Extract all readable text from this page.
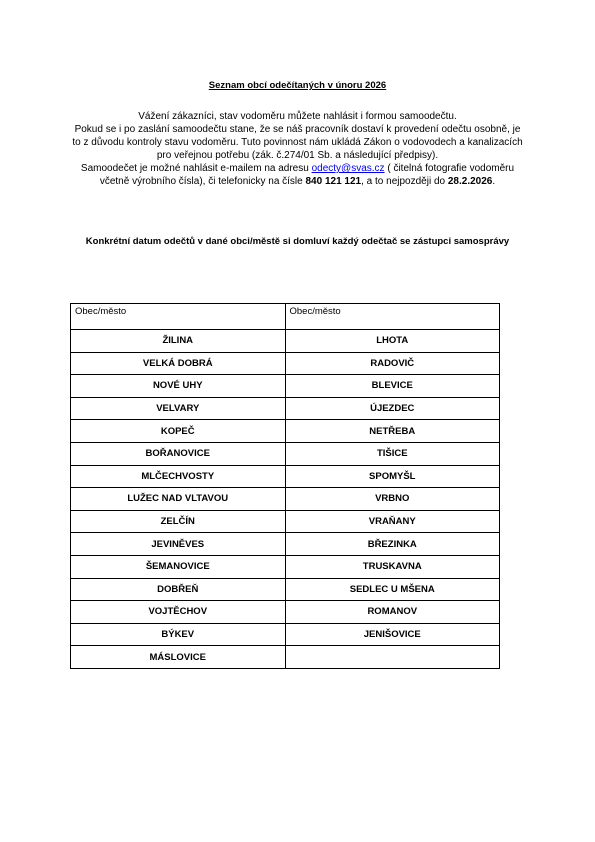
Seznam obcí odečítaných v únoru 2026

Vážení zákazníci, stav vodoměru můžete nahlásit i formou samoodečtu.

Pokud se i po zaslání samoodečtu stane, že se náš pracovník dostaví k provedení odečtu osobně, je to z důvodu kontroly stavu vodoměru. Tuto povinnost nám ukládá Zákon o vodovodech a kanalizacích pro veřejnou potřebu (zák. č.274/01 Sb. a následující předpisy).

Samoodečet je možné nahlásit e-mailem na adresu odecty@svas.cz ( čitelná fotografie vodoměru včetně výrobního čísla), či telefonicky na čísle 840 121 121, a to nejpozději do 28.2.2026.

Konkrétní datum odečtů v dané obci/městě si domluví každý odečtač se zástupci samosprávy
Obec/město	Obec/město
ŽILINA	LHOTA
VELKÁ DOBRÁ	RADOVIČ
NOVÉ UHY	BLEVICE
VELVARY	ÚJEZDEC
KOPEČ	NETŘEBA
BOŘANOVICE	TIŠICE
MLČECHVOSTY	SPOMYŠL
LUŽEC NAD VLTAVOU	VRBNO
ZELČÍN	VRAŇANY
JEVINĚVES	BŘEZINKA
ŠEMANOVICE	TRUSKAVNA
DOBŘEŇ	SEDLEC U MŠENA
VOJTĚCHOV	ROMANOV
BÝKEV	JENIŠOVICE
MÁSLOVICE	
